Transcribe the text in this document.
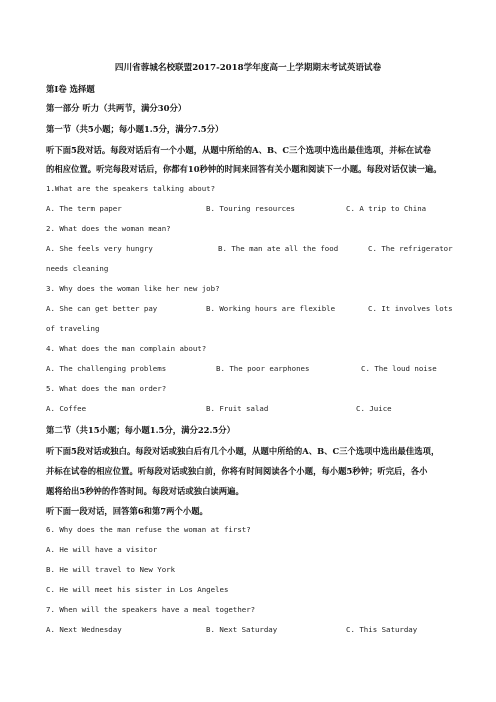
四川省蓉城名校联盟2017-2018学年度高一上学期期末考试英语试卷
第Ⅰ卷 选择题
第一部分 听力（共两节，满分30分）
第一节（共5小题；每小题1.5分，满分7.5分）
听下面5段对话。每段对话后有一个小题，从题中所给的A、B、C三个选项中选出最佳选项，并标在试卷
的相应位置。听完每段对话后，你都有10秒钟的时间来回答有关小题和阅读下一小题。每段对话仅读一遍。
1.What are the speakers talking about?
A. The term paper	B. Touring resources	C. A trip to China
2. What does the woman mean?
A. She feels very hungry	B. The man ate all the food	C. The refrigerator
needs cleaning
3. Why does the woman like her new job?
A. She can get better pay	B. Working hours are flexible	C. It involves lots
of traveling
4. What does the man complain about?
A. The challenging problems	B. The poor earphones	C. The loud noise
5. What does the man order?
A. Coffee	B. Fruit salad	C. Juice
第二节（共15小题；每小题1.5分，满分22.5分）
听下面5段对话或独白。每段对话或独白后有几个小题，从题中所给的A、B、C三个选项中选出最佳选项，
并标在试卷的相应位置。听每段对话或独白前，你将有时间阅读各个小题，每小题5秒钟；听完后，各小
题将给出5秒钟的作答时间。每段对话或独白读两遍。
听下面一段对话，回答第6和第7两个小题。
6. Why does the man refuse the woman at first?
A. He will have a visitor
B. He will travel to New York
C. He will meet his sister in Los Angeles
7. When will the speakers have a meal together?
A. Next Wednesday	B. Next Saturday	C. This Saturday
